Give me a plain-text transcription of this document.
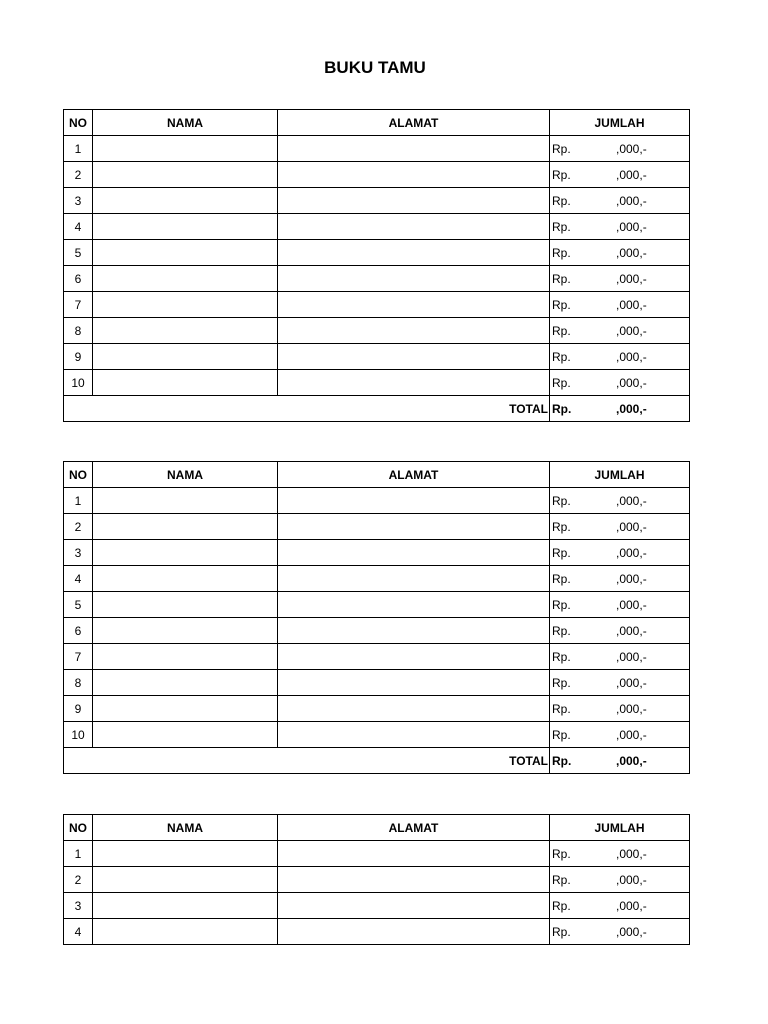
BUKU TAMU
NO	NAMA	ALAMAT	JUMLAH
1			Rp. ,000,-

2			Rp. ,000,-

3			Rp. ,000,-

4			Rp. ,000,-

5			Rp. ,000,-

6			Rp. ,000,-

7			Rp. ,000,-

8			Rp. ,000,-

9			Rp. ,000,-

10			Rp. ,000,-

TOTAL			Rp. ,000,-
NO	NAMA	ALAMAT	JUMLAH
1			Rp. ,000,-

2			Rp. ,000,-

3			Rp. ,000,-

4			Rp. ,000,-

5			Rp. ,000,-

6			Rp. ,000,-

7			Rp. ,000,-

8			Rp. ,000,-

9			Rp. ,000,-

10			Rp. ,000,-

TOTAL			Rp. ,000,-
NO	NAMA	ALAMAT	JUMLAH
1			Rp. ,000,-

2			Rp. ,000,-

3			Rp. ,000,-

4			Rp. ,000,-
